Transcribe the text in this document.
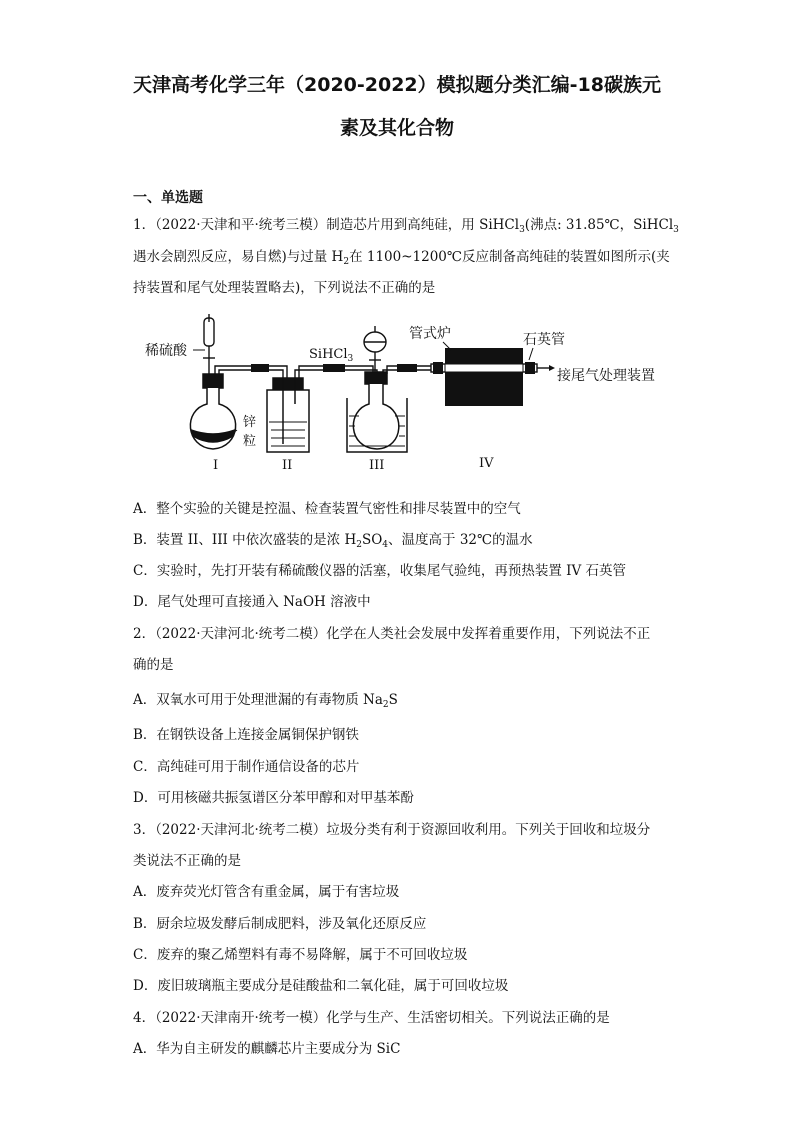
天津高考化学三年（2020-2022）模拟题分类汇编-18碳族元
素及其化合物
一、单选题
1．（2022·天津和平·统考三模）制造芯片用到高纯硅，用 SiHCl$_3$(沸点: 31.85℃，SiHCl$_3$
遇水会剧烈反应，易自燃)与过量 $H_2$在 1100~1200℃反应制备高纯硅的装置如图所示(夹
持装置和尾气处理装置略去)，下列说法不正确的是
稀硫酸
锌
粒
SiHCl$_3$
管式炉	石英管
接尾气处理装置
I	II	III	IV
A．整个实验的关键是控温、检查装置气密性和排尽装置中的空气
B．装置 II、III 中依次盛装的是浓 $H_2SO_4$、温度高于 32℃的温水
C．实验时，先打开装有稀硫酸仪器的活塞，收集尾气验纯，再预热装置 IV 石英管
D．尾气处理可直接通入 NaOH 溶液中
2．（2022·天津河北·统考二模）化学在人类社会发展中发挥着重要作用，下列说法不正
确的是
A．双氧水可用于处理泄漏的有毒物质 $Na_2S$
B．在钢铁设备上连接金属铜保护钢铁
C．高纯硅可用于制作通信设备的芯片
D．可用核磁共振氢谱区分苯甲醇和对甲基苯酚
3．（2022·天津河北·统考二模）垃圾分类有利于资源回收利用。下列关于回收和垃圾分
类说法不正确的是
A．废弃荧光灯管含有重金属，属于有害垃圾
B．厨余垃圾发酵后制成肥料，涉及氧化还原反应
C．废弃的聚乙烯塑料有毒不易降解，属于不可回收垃圾
D．废旧玻璃瓶主要成分是硅酸盐和二氧化硅，属于可回收垃圾
4．（2022·天津南开·统考一模）化学与生产、生活密切相关。下列说法正确的是
A．华为自主研发的麒麟芯片主要成分为 SiC
